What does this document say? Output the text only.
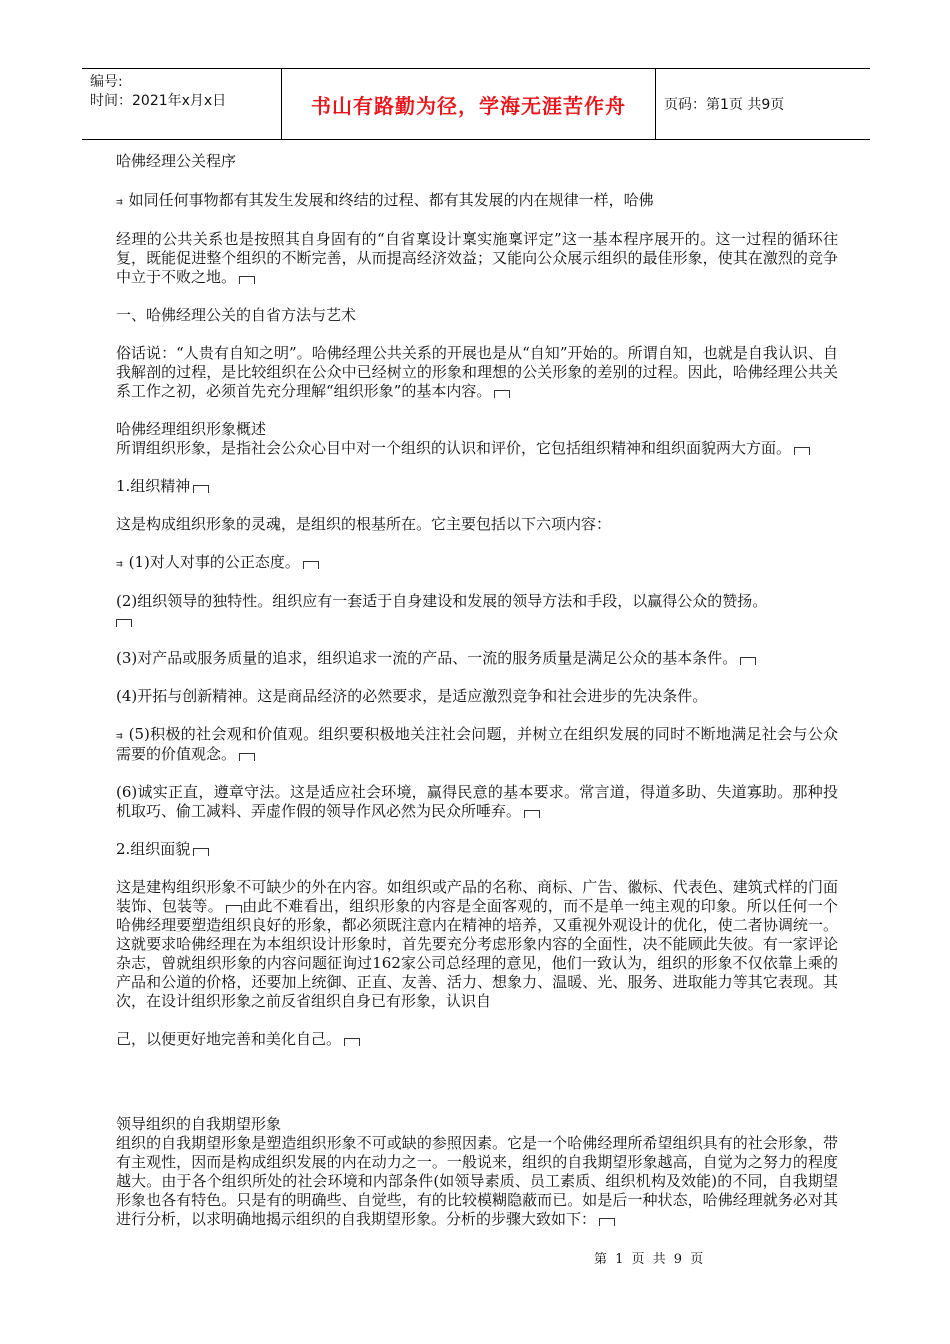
编号:
时间：2021年x月x日	书山有路勤为径，学海无涯苦作舟	页码：第1页 共9页

哈佛经理公关程序

⇉ 如同任何事物都有其发生发展和终结的过程、都有其发展的内在规律一样，哈佛

经理的公共关系也是按照其自身固有的“自省稟设计稟实施稟评定”这一基本程序展开的。这一过程的循环往复，既能促进整个组织的不断完善，从而提高经济效益；又能向公众展示组织的最佳形象，使其在激烈的竞争中立于不败之地。

一、哈佛经理公关的自省方法与艺术

俗话说：“人贵有自知之明”。哈佛经理公共关系的开展也是从“自知”开始的。所谓自知，也就是自我认识、自我解剖的过程，是比较组织在公众中已经树立的形象和理想的公关形象的差别的过程。因此，哈佛经理公共关系工作之初，必须首先充分理解“组织形象”的基本内容。

哈佛经理组织形象概述

所谓组织形象，是指社会公众心目中对一个组织的认识和评价，它包括组织精神和组织面貌两大方面。

1.组织精神

这是构成组织形象的灵魂，是组织的根基所在。它主要包括以下六项内容：

⇉ (1)对人对事的公正态度。

(2)组织领导的独特性。组织应有一套适于自身建设和发展的领导方法和手段，以赢得公众的赞扬。

(3)对产品或服务质量的追求，组织追求一流的产品、一流的服务质量是满足公众的基本条件。

(4)开拓与创新精神。这是商品经济的必然要求，是适应激烈竞争和社会进步的先决条件。

⇉ (5)积极的社会观和价值观。组织要积极地关注社会问题，并树立在组织发展的同时不断地满足社会与公众需要的价值观念。

(6)诚实正直，遵章守法。这是适应社会环境，赢得民意的基本要求。常言道，得道多助、失道寡助。那种投机取巧、偷工减料、弄虚作假的领导作风必然为民众所唾弃。

2.组织面貌

这是建构组织形象不可缺少的外在内容。如组织或产品的名称、商标、广告、徽标、代表色、建筑式样的门面装饰、包装等。 由此不难看出，组织形象的内容是全面客观的，而不是单一纯主观的印象。所以任何一个哈佛经理要塑造组织良好的形象，都必须既注意内在精神的培养，又重视外观设计的优化，使二者协调统一。这就要求哈佛经理在为本组织设计形象时，首先要充分考虑形象内容的全面性，决不能顾此失彼。有一家评论杂志，曾就组织形象的内容问题征询过162家公司总经理的意见，他们一致认为，组织的形象不仅依靠上乘的产品和公道的价格，还要加上统御、正直、友善、活力、想象力、温暖、光、服务、进取能力等其它表现。其次，在设计组织形象之前反省组织自身已有形象，认识自

己，以便更好地完善和美化自己。

领导组织的自我期望形象

组织的自我期望形象是塑造组织形象不可或缺的参照因素。它是一个哈佛经理所希望组织具有的社会形象，带有主观性，因而是构成组织发展的内在动力之一。一般说来，组织的自我期望形象越高，自觉为之努力的程度越大。由于各个组织所处的社会环境和内部条件(如领导素质、员工素质、组织机构及效能)的不同，自我期望形象也各有特色。只是有的明确些、自觉些，有的比较模糊隐蔽而已。如是后一种状态，哈佛经理就务必对其进行分析，以求明确地揭示组织的自我期望形象。分析的步骤大致如下：

第 1 页 共 9 页
